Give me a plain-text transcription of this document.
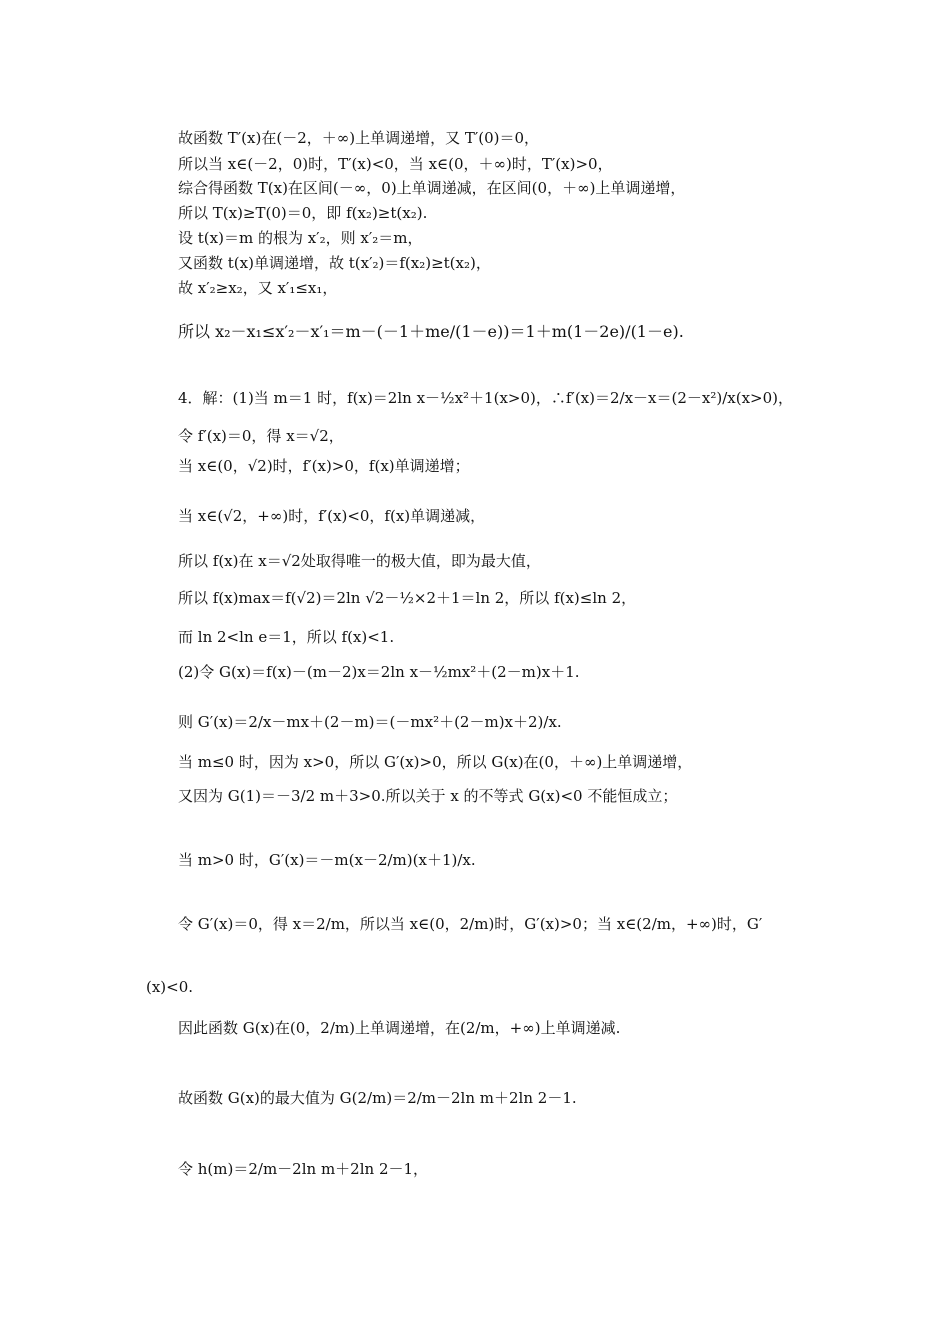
故函数 T′(x)在(－2，＋∞)上单调递增，又 T′(0)＝0，
所以当 x∈(－2，0)时，T′(x)<0，当 x∈(0，＋∞)时，T′(x)>0，
综合得函数 T(x)在区间(－∞，0)上单调递减，在区间(0，＋∞)上单调递增，
所以 T(x)≥T(0)＝0，即 f(x₂)≥t(x₂).
设 t(x)＝m 的根为 x′₂，则 x′₂＝m，
又函数 t(x)单调递增，故 t(x′₂)＝f(x₂)≥t(x₂)，
故 x′₂≥x₂，又 x′₁≤x₁，
所以 x₂－x₁≤x′₂－x′₁＝m－(－1＋me/(1－e))＝1＋m(1－2e)/(1－e).
4．解：(1)当 m＝1 时，f(x)＝2ln x－½x²＋1(x>0)，∴f′(x)＝2/x－x＝(2－x²)/x(x>0)，
令 f′(x)＝0，得 x＝√2，
当 x∈(0，√2)时，f′(x)>0，f(x)单调递增；
当 x∈(√2，+∞)时，f′(x)<0，f(x)单调递减，
所以 f(x)在 x＝√2处取得唯一的极大值，即为最大值，
所以 f(x)max＝f(√2)＝2ln √2－½×2＋1＝ln 2，所以 f(x)≤ln 2，
而 ln 2<ln e＝1，所以 f(x)<1.
(2)令 G(x)＝f(x)－(m－2)x＝2ln x－½mx²＋(2－m)x＋1.
则 G′(x)＝2/x－mx＋(2－m)＝(－mx²＋(2－m)x＋2)/x.
当 m≤0 时，因为 x>0，所以 G′(x)>0，所以 G(x)在(0，＋∞)上单调递增，
又因为 G(1)＝－3/2 m＋3>0.所以关于 x 的不等式 G(x)<0 不能恒成立；
当 m>0 时，G′(x)＝－m(x－2/m)(x＋1)/x.
令 G′(x)＝0，得 x＝2/m，所以当 x∈(0，2/m)时，G′(x)>0；当 x∈(2/m，+∞)时，G′
(x)<0.
因此函数 G(x)在(0，2/m)上单调递增，在(2/m，+∞)上单调递减.
故函数 G(x)的最大值为 G(2/m)＝2/m－2ln m＋2ln 2－1.
令 h(m)＝2/m－2ln m＋2ln 2－1，
